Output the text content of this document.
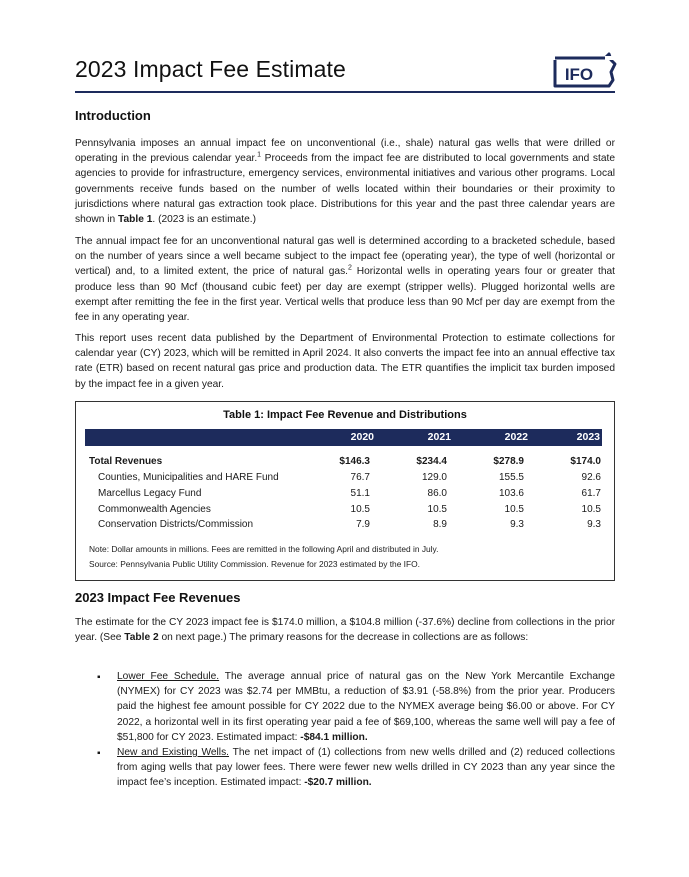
2023 Impact Fee Estimate	IFO
Introduction

Pennsylvania imposes an annual impact fee on unconventional (i.e., shale) natural gas wells that were drilled or operating in the previous calendar year.$^1$ Proceeds from the impact fee are distributed to local governments and state agencies to provide for infrastructure, emergency services, environmental initiatives and various other programs. Local governments receive funds based on the number of wells located within their boundaries or their proximity to jurisdictions where natural gas extraction took place. Distributions for this year and the past three calendar years are shown in Table 1. (2023 is an estimate.)

The annual impact fee for an unconventional natural gas well is determined according to a bracketed schedule, based on the number of years since a well became subject to the impact fee (operating year), the type of well (horizontal or vertical) and, to a limited extent, the price of natural gas.$^2$ Horizontal wells in operating years four or greater that produce less than 90 Mcf (thousand cubic feet) per day are exempt (stripper wells). Plugged horizontal wells are exempt after remitting the fee in the first year. Vertical wells that produce less than 90 Mcf per day are exempt from the fee in any operating year.

This report uses recent data published by the Department of Environmental Protection to estimate collections for calendar year (CY) 2023, which will be remitted in April 2024. It also converts the impact fee into an annual effective tax rate (ETR) based on recent natural gas price and production data. The ETR quantifies the implicit tax burden imposed by the impact fee in a given year.

Table 1: Impact Fee Revenue and Distributions
2020	2021	2022	2023
Total Revenues	$146.3	$234.4	$278.9	$174.0
Counties, Municipalities and HARE Fund	76.7	129.0	155.5	92.6
Marcellus Legacy Fund	51.1	86.0	103.6	61.7
Commonwealth Agencies	10.5	10.5	10.5	10.5
Conservation Districts/Commission	7.9	8.9	9.3	9.3
Note: Dollar amounts in millions. Fees are remitted in the following April and distributed in July.
Source: Pennsylvania Public Utility Commission. Revenue for 2023 estimated by the IFO.
2023 Impact Fee Revenues

The estimate for the CY 2023 impact fee is $174.0 million, a $104.8 million (-37.6%) decline from collections in the prior year. (See Table 2 on next page.) The primary reasons for the decrease in collections are as follows:

▪ Lower Fee Schedule. The average annual price of natural gas on the New York Mercantile Exchange (NYMEX) for CY 2023 was $2.74 per MMBtu, a reduction of $3.91 (-58.8%) from the prior year. Producers paid the highest fee amount possible for CY 2022 due to the NYMEX average being $6.00 or above. For CY 2022, a horizontal well in its first operating year paid a fee of $69,100, whereas the same well will pay a fee of $51,800 for CY 2023. Estimated impact: -$84.1 million.

▪ New and Existing Wells. The net impact of (1) collections from new wells drilled and (2) reduced collections from aging wells that pay lower fees. There were fewer new wells drilled in CY 2023 than any year since the impact fee’s inception. Estimated impact: -$20.7 million.
